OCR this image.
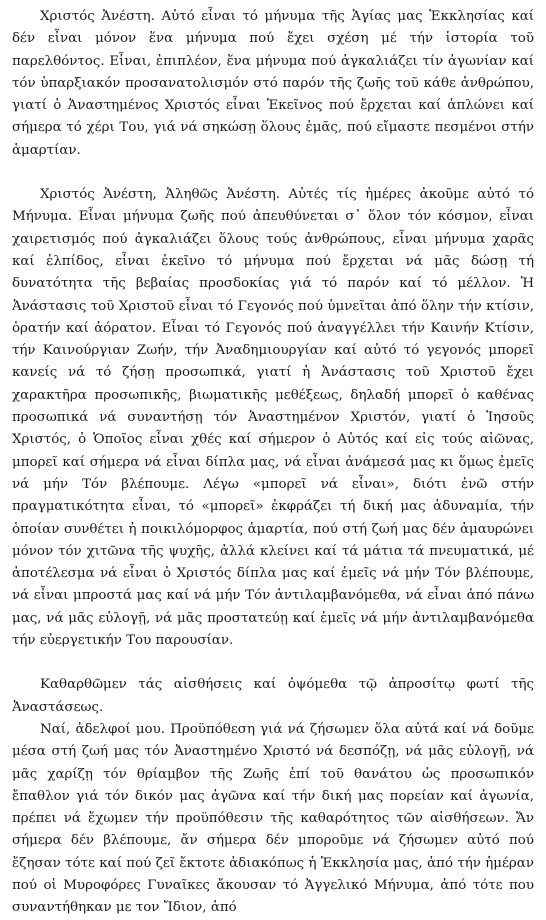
Χριστός Ἀνέστη. Αὐτό εἶναι τό μήνυμα τῆς Ἁγίας μας Ἐκκλησίας καί δέν εἶναι μόνον ἕνα μήνυμα πού ἔχει σχέση μέ τήν ἱστορία τοῦ παρελθόντος. Εἶναι, ἐπιπλέον, ἕνα μήνυμα πού ἀγκαλιάζει τίν ἀγωνίαν καί τόν ὑπαρξιακόν προσανατολισμόν στό παρόν τῆς ζωῆς τοῦ κάθε ἀνθρώπου, γιατί ὁ Ἀναστημένος Χριστός εἶναι Ἐκεῖνος πού ἔρχεται καί ἁπλώνει καί σήμερα τό χέρι Του, γιά νά σηκώσῃ ὅλους ἐμᾶς, πού εἴμαστε πεσμένοι στήν ἁμαρτίαν.

Χριστός Ἀνέστη, Ἀληθῶς Ἀνέστη. Αὐτές τίς ἡμέρες ἀκοῦμε αὐτό τό Μήνυμα. Εἶναι μήνυμα ζωῆς πού ἀπευθύνεται σ᾽ ὅλον τόν κόσμον, εἶναι χαιρετισμός πού ἀγκαλιάζει ὅλους τούς ἀνθρώπους, εἶναι μήνυμα χαρᾶς καί ἐλπίδος, εἶναι ἐκεῖνο τό μήνυμα πού ἔρχεται νά μᾶς δώσῃ τή δυνατότητα τῆς βεβαίας προσδοκίας γιά τό παρόν καί τό μέλλον. Ἡ Ἀνάστασις τοῦ Χριστοῦ εἶναι τό Γεγονός πού ὑμνεῖται ἀπό ὅλην τήν κτίσιν, ὁρατήν καί ἀόρατον. Εἶναι τό Γεγονός πού ἀναγγέλλει τήν Καινήν Κτίσιν, τήν Καινούργιαν Ζωήν, τήν Ἀναδημιουργίαν καί αὐτό τό γεγονός μπορεῖ κανείς νά τό ζήσῃ προσωπικά, γιατί ἡ Ἀνάστασις τοῦ Χριστοῦ ἔχει χαρακτῆρα προσωπικῆς, βιωματικῆς μεθέξεως, δηλαδή μπορεῖ ὁ καθένας προσωπικά νά συναντήσῃ τόν Ἀναστημένον Χριστόν, γιατί ὁ Ἰησοῦς Χριστός, ὁ Ὁποῖος εἶναι χθές καί σήμερον ὁ Αὐτός καί εἰς τούς αἰῶνας, μπορεῖ καί σήμερα νά εἶναι δίπλα μας, νά εἶναι ἀνάμεσά μας κι ὅμως ἐμεῖς νά μήν Τόν βλέπουμε. Λέγω «μπορεῖ νά εἶναι», διότι ἐνῶ στήν πραγματικότητα εἶναι, τό «μπορεῖ» ἐκφράζει τή δική μας ἀδυναμία, τήν ὁποίαν συνθέτει ἡ ποικιλόμορφος ἁμαρτία, πού στή ζωή μας δέν ἀμαυρώνει μόνον τόν χιτῶνα τῆς ψυχῆς, ἀλλά κλείνει καί τά μάτια τά πνευματικά, μέ ἀποτέλεσμα νά εἶναι ὁ Χριστός δίπλα μας καί ἐμεῖς νά μήν Τόν βλέπουμε, νά εἶναι μπροστά μας καί νά μήν Τόν ἀντιλαμβανόμεθα, νά εἶναι ἀπό πάνω μας, νά μᾶς εὐλογῇ, νά μᾶς προστατεύῃ καί ἐμεῖς νά μήν ἀντιλαμβανόμεθα τήν εὐεργετικήν Του παρουσίαν.

Καθαρθῶμεν τάς αἰσθήσεις καί ὀψόμεθα τῷ ἀπροσίτῳ φωτί τῆς Ἀναστάσεως.

Ναί, ἀδελφοί μου. Προϋπόθεση γιά νά ζήσωμεν ὅλα αὐτά καί νά δοῦμε μέσα στή ζωή μας τόν Ἀναστημένο Χριστό νά δεσπόζῃ, νά μᾶς εὐλογῇ, νά μᾶς χαρίζῃ τόν θρίαμβον τῆς Ζωῆς ἐπί τοῦ θανάτου ὡς προσωπικόν ἔπαθλον γιά τόν δικόν μας ἀγῶνα καί τήν δική μας πορείαν καί ἀγωνία, πρέπει νά ἔχωμεν τήν προϋπόθεσιν τῆς καθαρότητος τῶν αἰσθήσεων. Ἄν σήμερα δέν βλέπουμε, ἄν σήμερα δέν μποροῦμε νά ζήσωμεν αὐτό πού ἔζησαν τότε καί πού ζεῖ ἔκτοτε ἀδιακόπως ἡ Ἐκκλησία μας, ἀπό τήν ἡμέραν πού οἱ Μυροφόρες Γυναῖκες ἄκουσαν τό Ἀγγελικό Μήνυμα, ἀπό τότε που συναντήθηκαν με τον Ἴδιον, ἀπό
